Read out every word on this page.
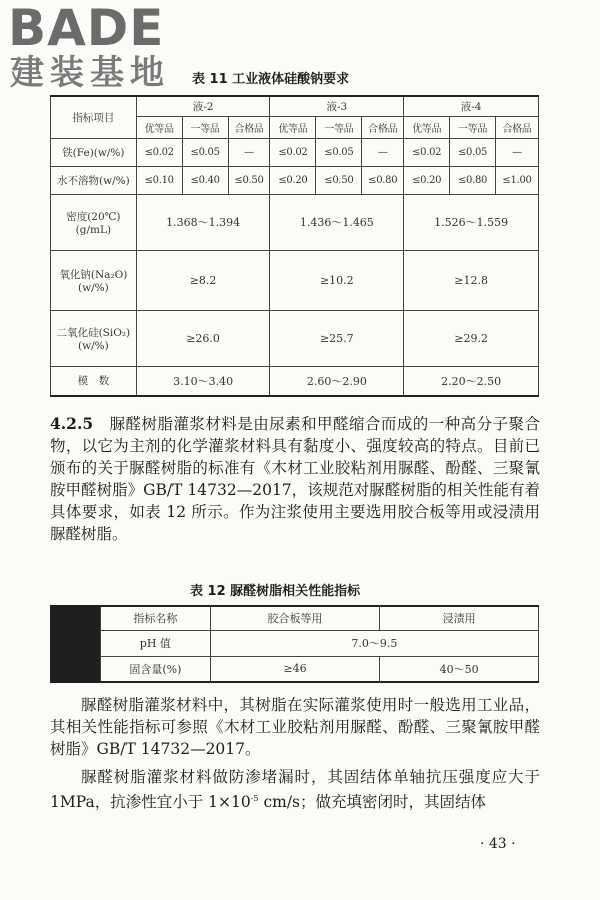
BADE
建装基地 表 11 工业液体硅酸钠要求
指标项目	液-2			液-3			液-4		
	优等品	一等品	合格品	优等品	一等品	合格品	优等品	一等品	合格品
铁(Fe)(w/%)	≤0.02	≤0.05	—	≤0.02	≤0.05	—	≤0.02	≤0.05	—
水不溶物(w/%)	≤0.10	≤0.40	≤0.50	≤0.20	≤0.50	≤0.80	≤0.20	≤0.80	≤1.00
密度(20℃)
(g/mL)	1.368～1.394			1.436～1.465			1.526～1.559		
氧化钠(Na₂O)
(w/%)	≥8.2			≥10.2			≥12.8		
二氧化硅(SiO₂)
(w/%)	≥26.0			≥25.7			≥29.2		
模　数	3.10～3.40			2.60～2.90			2.20～2.50		
4.2.5　 脲醛树脂灌浆材料是由尿素和甲醛缩合而成的一种高分子聚合物，以它为主剂的化学灌浆材料具有黏度小、强度较高的特点。目前已颁布的关于脲醛树脂的标准有《木材工业胶粘剂用脲醛、酚醛、三聚氰胺甲醛树脂》GB/T 14732—2017，该规范对脲醛树脂的相关性能有着具体要求，如表 12 所示。作为注浆使用主要选用胶合板等用或浸渍用脲醛树脂。
表 12 脲醛树脂相关性能指标
指标名称	胶合板等用	浸渍用
pH 值	7.0～9.5	
固含量(%)	≥46	40～50
脲醛树脂灌浆材料中，其树脂在实际灌浆使用时一般选用工业品，其相关性能指标可参照《木材工业胶粘剂用脲醛、酚醛、三聚氰胺甲醛树脂》GB/T 14732—2017。
脲醛树脂灌浆材料做防渗堵漏时，其固结体单轴抗压强度应大于 1MPa，抗渗性宜小于 $1\times 10^{-5}$ cm/s；做充填密闭时，其固结体
· 43 ·
